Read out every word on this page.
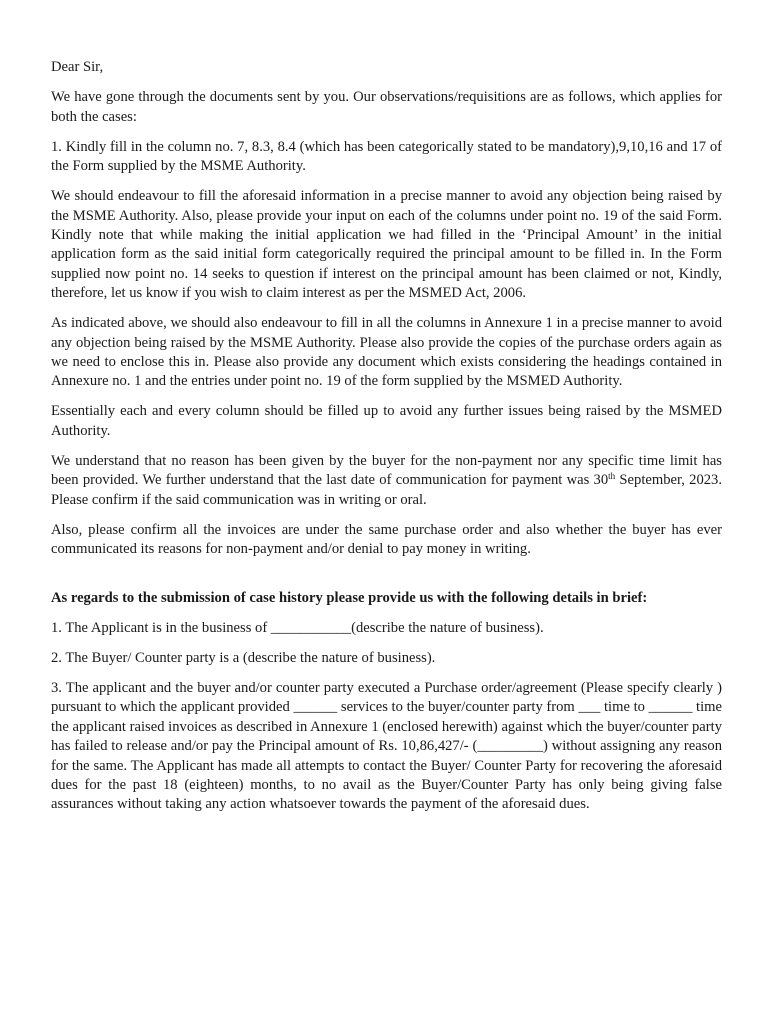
Dear Sir,

We have gone through the documents sent by you. Our observations/requisitions are as follows, which applies for both the cases:

1. Kindly fill in the column no. 7, 8.3, 8.4 (which has been categorically stated to be mandatory),9,10,16 and 17 of the Form supplied by the MSME Authority.

We should endeavour to fill the aforesaid information in a precise manner to avoid any objection being raised by the MSME Authority. Also, please provide your input on each of the columns under point no. 19 of the said Form. Kindly note that while making the initial application we had filled in the ‘Principal Amount’ in the initial application form as the said initial form categorically required the principal amount to be filled in. In the Form supplied now point no. 14 seeks to question if interest on the principal amount has been claimed or not, Kindly, therefore, let us know if you wish to claim interest as per the MSMED Act, 2006.

As indicated above, we should also endeavour to fill in all the columns in Annexure 1 in a precise manner to avoid any objection being raised by the MSME Authority. Please also provide the copies of the purchase orders again as we need to enclose this in. Please also provide any document which exists considering the headings contained in Annexure no. 1 and the entries under point no. 19 of the form supplied by the MSMED Authority.

Essentially each and every column should be filled up to avoid any further issues being raised by the MSMED Authority.

We understand that no reason has been given by the buyer for the non-payment nor any specific time limit has been provided. We further understand that the last date of communication for payment was 30th September, 2023. Please confirm if the said communication was in writing or oral.

Also, please confirm all the invoices are under the same purchase order and also whether the buyer has ever communicated its reasons for non-payment and/or denial to pay money in writing.

As regards to the submission of case history please provide us with the following details in brief:

1. The Applicant is in the business of ___________(describe the nature of business).

2. The Buyer/ Counter party is a (describe the nature of business).

3. The applicant and the buyer and/or counter party executed a Purchase order/agreement (Please specify clearly ) pursuant to which the applicant provided ______ services to the buyer/counter party from ___ time to ______ time the applicant raised invoices as described in Annexure 1 (enclosed herewith) against which the buyer/counter party has failed to release and/or pay the Principal amount of Rs. 10,86,427/- (_________) without assigning any reason for the same. The Applicant has made all attempts to contact the Buyer/ Counter Party for recovering the aforesaid dues for the past 18 (eighteen) months, to no avail as the Buyer/Counter Party has only being giving false assurances without taking any action whatsoever towards the payment of the aforesaid dues.
